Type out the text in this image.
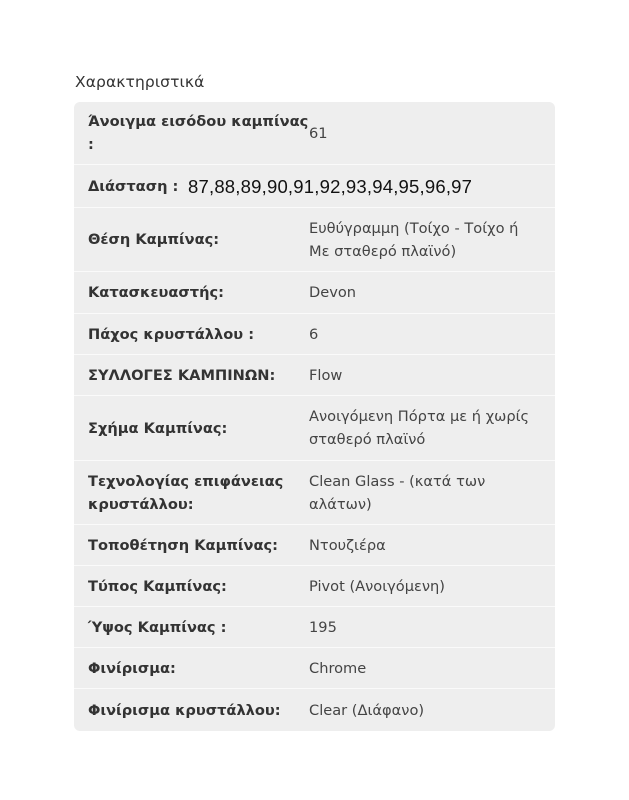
Χαρακτηριστικά
Άνοιγμα εισόδου καμπίνας :
61
Διάσταση : 87,88,89,90,91,92,93,94,95,96,97
Θέση Καμπίνας:
Ευθύγραμμη (Τοίχο - Τοίχο ή Με σταθερό πλαϊνό)
Κατασκευαστής:	Devon
Πάχος κρυστάλλου :	6
ΣΥΛΛΟΓΕΣ ΚΑΜΠΙΝΩΝ:	Flow
Σχήμα Καμπίνας:
Ανοιγόμενη Πόρτα με ή χωρίς σταθερό πλαϊνό
Τεχνολογίας επιφάνειας κρυστάλλου:
Clean Glass - (κατά των αλάτων)
Τοποθέτηση Καμπίνας:	Ντουζιέρα
Τύπος Καμπίνας:	Pivot (Ανοιγόμενη)
Ύψος Καμπίνας :	195
Φινίρισμα:	Chrome
Φινίρισμα κρυστάλλου:	Clear (Διάφανο)
